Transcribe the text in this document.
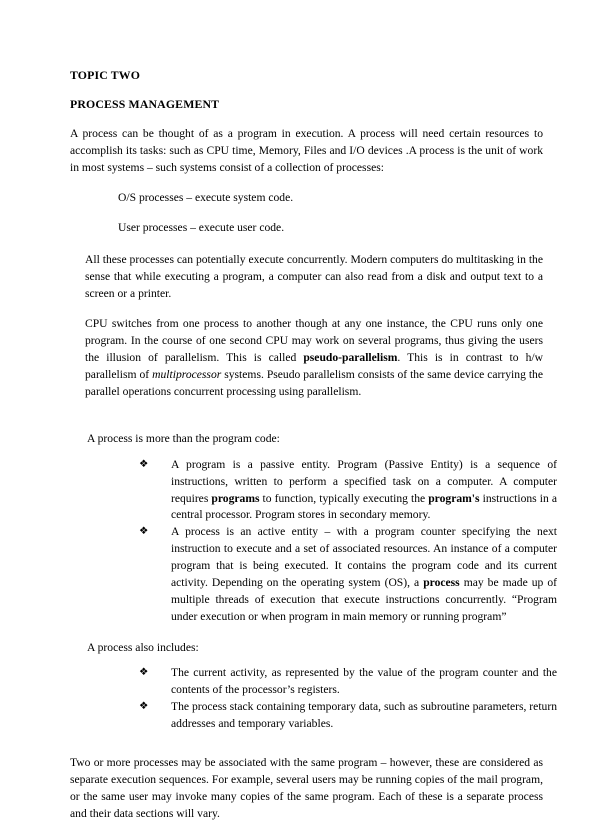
TOPIC TWO

PROCESS MANAGEMENT

A process can be thought of as a program in execution. A process will need certain resources to accomplish its tasks: such as CPU time, Memory, Files and I/O devices .A process is the unit of work in most systems – such systems consist of a collection of processes:

O/S processes – execute system code.

User processes – execute user code.

All these processes can potentially execute concurrently. Modern computers do multitasking in the sense that while executing a program, a computer can also read from a disk and output text to a screen or a printer.

CPU switches from one process to another though at any one instance, the CPU runs only one program. In the course of one second CPU may work on several programs, thus giving the users the illusion of parallelism. This is called pseudo-parallelism. This is in contrast to h/w parallelism of multiprocessor systems. Pseudo parallelism consists of the same device carrying the parallel operations concurrent processing using parallelism.

A process is more than the program code:

❖	A program is a passive entity. Program (Passive Entity) is a sequence of instructions, written to perform a specified task on a computer. A computer requires programs to function, typically executing the program's instructions in a central processor. Program stores in secondary memory.
❖	A process is an active entity – with a program counter specifying the next instruction to execute and a set of associated resources. An instance of a computer program that is being executed. It contains the program code and its current activity. Depending on the operating system (OS), a process may be made up of multiple threads of execution that execute instructions concurrently. “Program under execution or when program in main memory or running program”

A process also includes:

❖	The current activity, as represented by the value of the program counter and the contents of the processor’s registers.
❖	The process stack containing temporary data, such as subroutine parameters, return addresses and temporary variables.

Two or more processes may be associated with the same program – however, these are considered as separate execution sequences. For example, several users may be running copies of the mail program, or the same user may invoke many copies of the same program. Each of these is a separate process and their data sections will vary.
